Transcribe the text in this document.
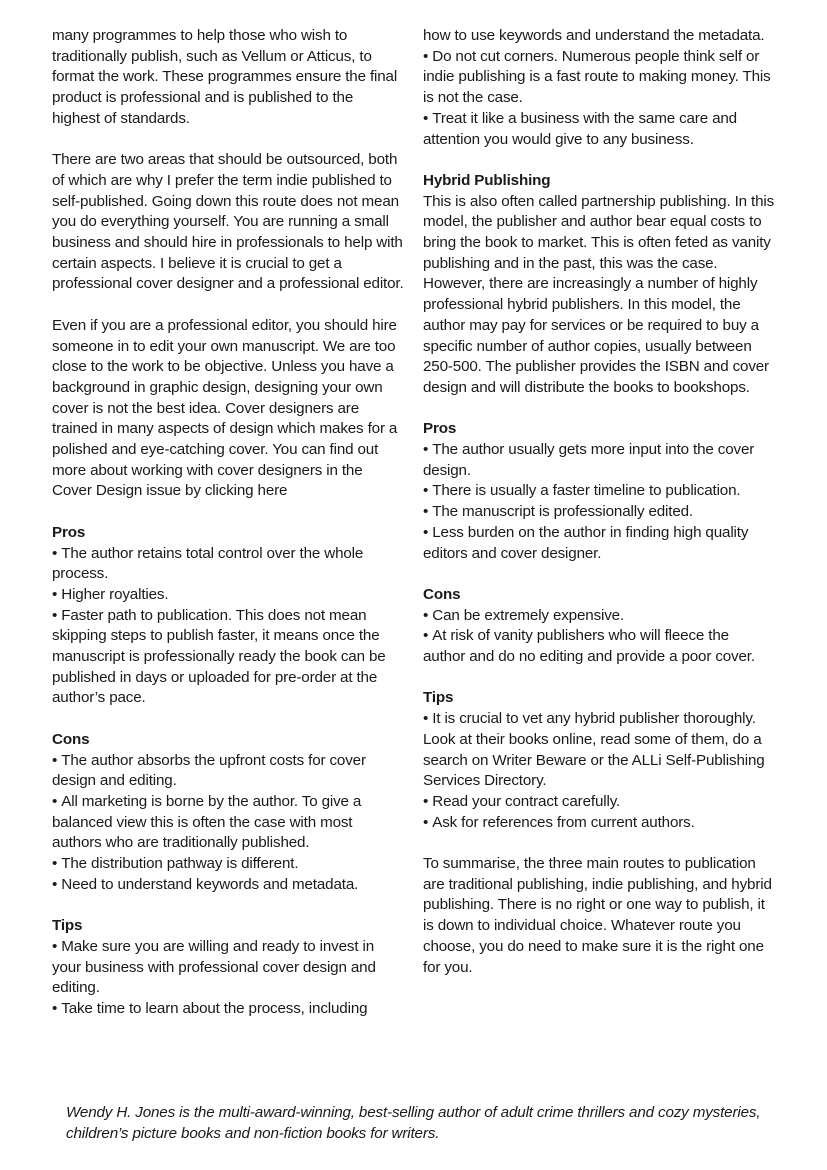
many programmes to help those who wish to traditionally publish, such as Vellum or Atticus, to format the work. These programmes ensure the final product is professional and is published to the highest of standards.

There are two areas that should be outsourced, both of which are why I prefer the term indie published to self-published. Going down this route does not mean you do everything yourself. You are running a small business and should hire in professionals to help with certain aspects. I believe it is crucial to get a professional cover designer and a professional editor.

Even if you are a professional editor, you should hire someone in to edit your own manuscript. We are too close to the work to be objective. Unless you have a background in graphic design, designing your own cover is not the best idea. Cover designers are trained in many aspects of design which makes for a polished and eye-catching cover. You can find out more about working with cover designers in the Cover Design issue by clicking here

Pros

• The author retains total control over the whole process.

• Higher royalties.

• Faster path to publication. This does not mean skipping steps to publish faster, it means once the manuscript is professionally ready the book can be published in days or uploaded for pre-order at the author’s pace.

Cons

• The author absorbs the upfront costs for cover design and editing.

• All marketing is borne by the author. To give a balanced view this is often the case with most authors who are traditionally published.

• The distribution pathway is different.

• Need to understand keywords and metadata.

Tips

• Make sure you are willing and ready to invest in your business with professional cover design and editing.

• Take time to learn about the process, including

how to use keywords and understand the metadata.

• Do not cut corners. Numerous people think self or indie publishing is a fast route to making money. This is not the case.

• Treat it like a business with the same care and attention you would give to any business.

Hybrid Publishing

This is also often called partnership publishing. In this model, the publisher and author bear equal costs to bring the book to market. This is often feted as vanity publishing and in the past, this was the case. However, there are increasingly a number of highly professional hybrid publishers. In this model, the author may pay for services or be required to buy a specific number of author copies, usually between 250-500. The publisher provides the ISBN and cover design and will distribute the books to bookshops.

Pros

• The author usually gets more input into the cover design.

• There is usually a faster timeline to publication.

• The manuscript is professionally edited.

• Less burden on the author in finding high quality editors and cover designer.

Cons

• Can be extremely expensive.

• At risk of vanity publishers who will fleece the author and do no editing and provide a poor cover.

Tips

• It is crucial to vet any hybrid publisher thoroughly. Look at their books online, read some of them, do a search on Writer Beware or the ALLi Self-Publishing Services Directory.

• Read your contract carefully.

• Ask for references from current authors.

To summarise, the three main routes to publication are traditional publishing, indie publishing, and hybrid publishing. There is no right or one way to publish, it is down to individual choice. Whatever route you choose, you do need to make sure it is the right one for you.

Wendy H. Jones is the multi-award-winning, best-selling author of adult crime thrillers and cozy mysteries, children’s picture books and non-fiction books for writers.
